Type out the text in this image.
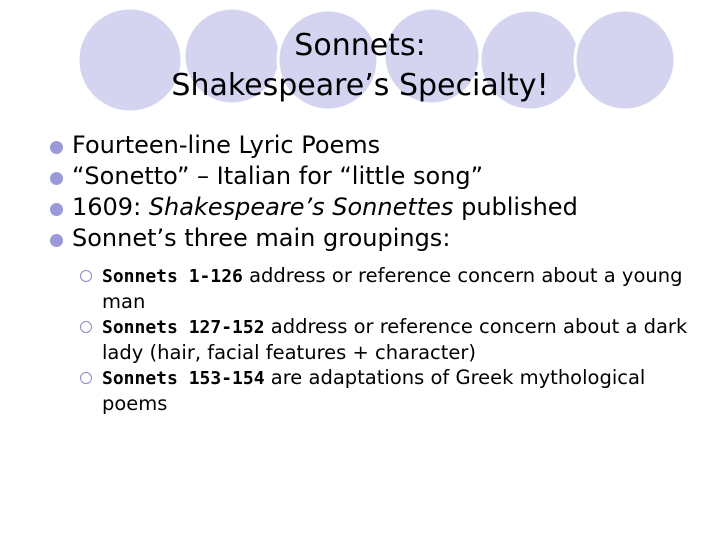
Sonnets:
Shakespeare’s Specialty!
Fourteen-line Lyric Poems
“Sonetto” – Italian for “little song”
1609: Shakespeare’s Sonnettes published
Sonnet’s three main groupings:
Sonnets 1-126 address or reference concern about a young man
Sonnets 127-152 address or reference concern about a dark lady (hair, facial features + character)
Sonnets 153-154 are adaptations of Greek mythological poems
